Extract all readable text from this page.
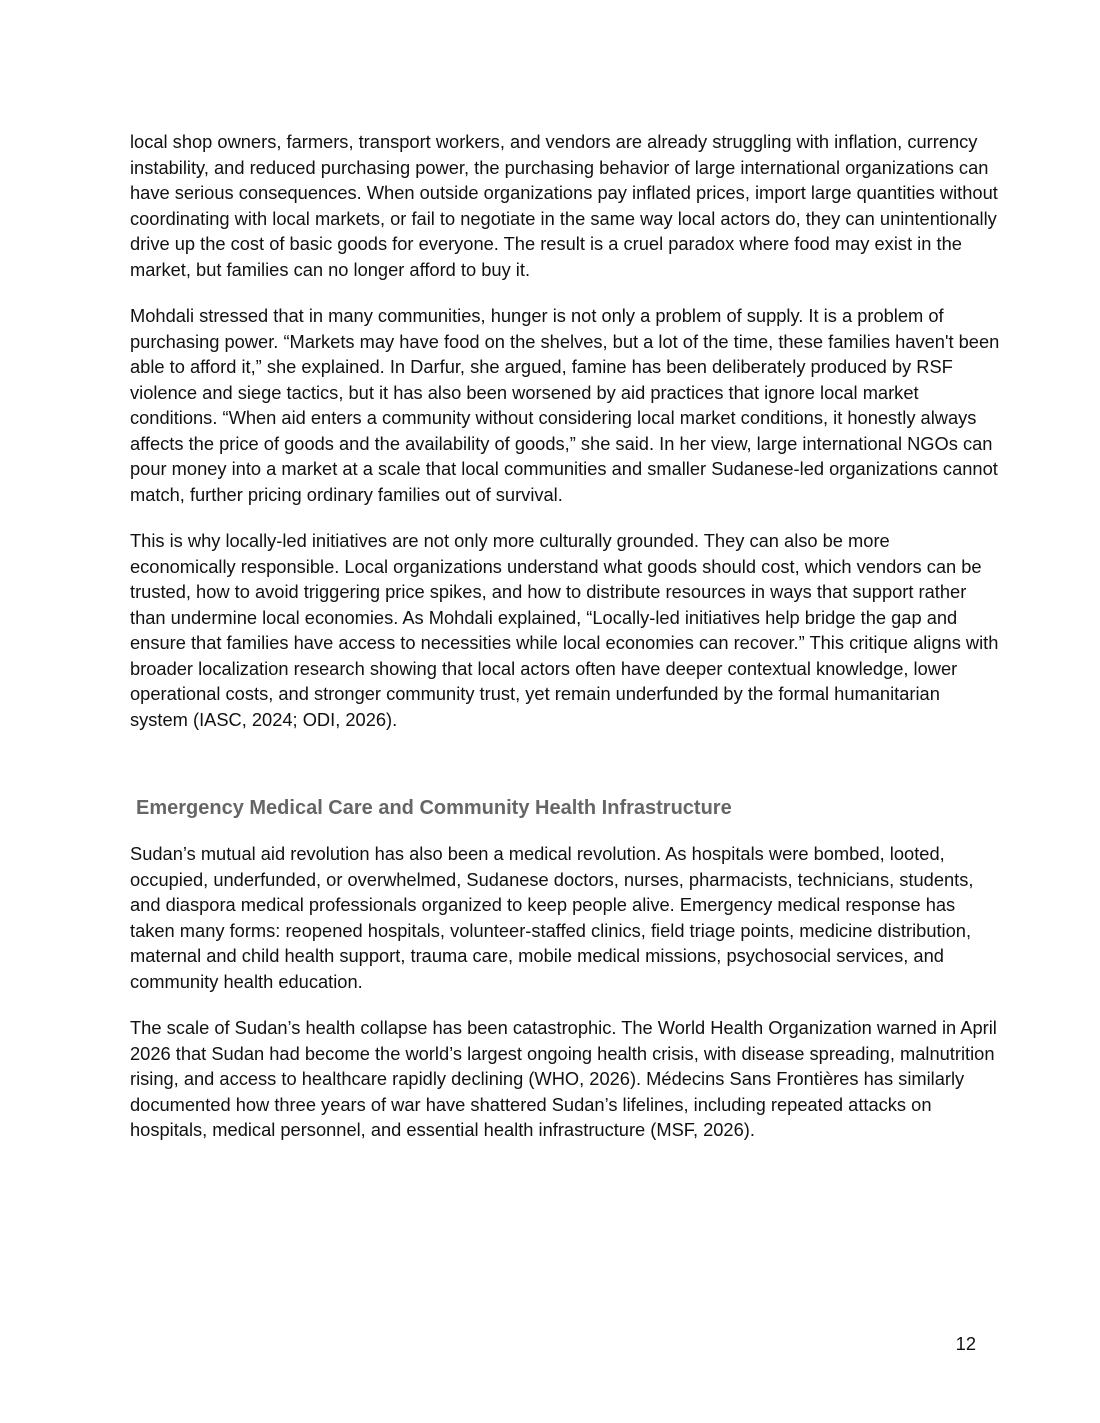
local shop owners, farmers, transport workers, and vendors are already struggling with inflation, currency instability, and reduced purchasing power, the purchasing behavior of large international organizations can have serious consequences. When outside organizations pay inflated prices, import large quantities without coordinating with local markets, or fail to negotiate in the same way local actors do, they can unintentionally drive up the cost of basic goods for everyone. The result is a cruel paradox where food may exist in the market, but families can no longer afford to buy it.

Mohdali stressed that in many communities, hunger is not only a problem of supply. It is a problem of purchasing power. “Markets may have food on the shelves, but a lot of the time, these families haven't been able to afford it,” she explained. In Darfur, she argued, famine has been deliberately produced by RSF violence and siege tactics, but it has also been worsened by aid practices that ignore local market conditions. “When aid enters a community without considering local market conditions, it honestly always affects the price of goods and the availability of goods,” she said. In her view, large international NGOs can pour money into a market at a scale that local communities and smaller Sudanese-led organizations cannot match, further pricing ordinary families out of survival.

This is why locally-led initiatives are not only more culturally grounded. They can also be more economically responsible. Local organizations understand what goods should cost, which vendors can be trusted, how to avoid triggering price spikes, and how to distribute resources in ways that support rather than undermine local economies. As Mohdali explained, “Locally-led initiatives help bridge the gap and ensure that families have access to necessities while local economies can recover.” This critique aligns with broader localization research showing that local actors often have deeper contextual knowledge, lower operational costs, and stronger community trust, yet remain underfunded by the formal humanitarian system (IASC, 2024; ODI, 2026).

Emergency Medical Care and Community Health Infrastructure

Sudan’s mutual aid revolution has also been a medical revolution. As hospitals were bombed, looted, occupied, underfunded, or overwhelmed, Sudanese doctors, nurses, pharmacists, technicians, students, and diaspora medical professionals organized to keep people alive. Emergency medical response has taken many forms: reopened hospitals, volunteer-staffed clinics, field triage points, medicine distribution, maternal and child health support, trauma care, mobile medical missions, psychosocial services, and community health education.

The scale of Sudan’s health collapse has been catastrophic. The World Health Organization warned in April 2026 that Sudan had become the world’s largest ongoing health crisis, with disease spreading, malnutrition rising, and access to healthcare rapidly declining (WHO, 2026). Médecins Sans Frontières has similarly documented how three years of war have shattered Sudan’s lifelines, including repeated attacks on hospitals, medical personnel, and essential health infrastructure (MSF, 2026).

12
